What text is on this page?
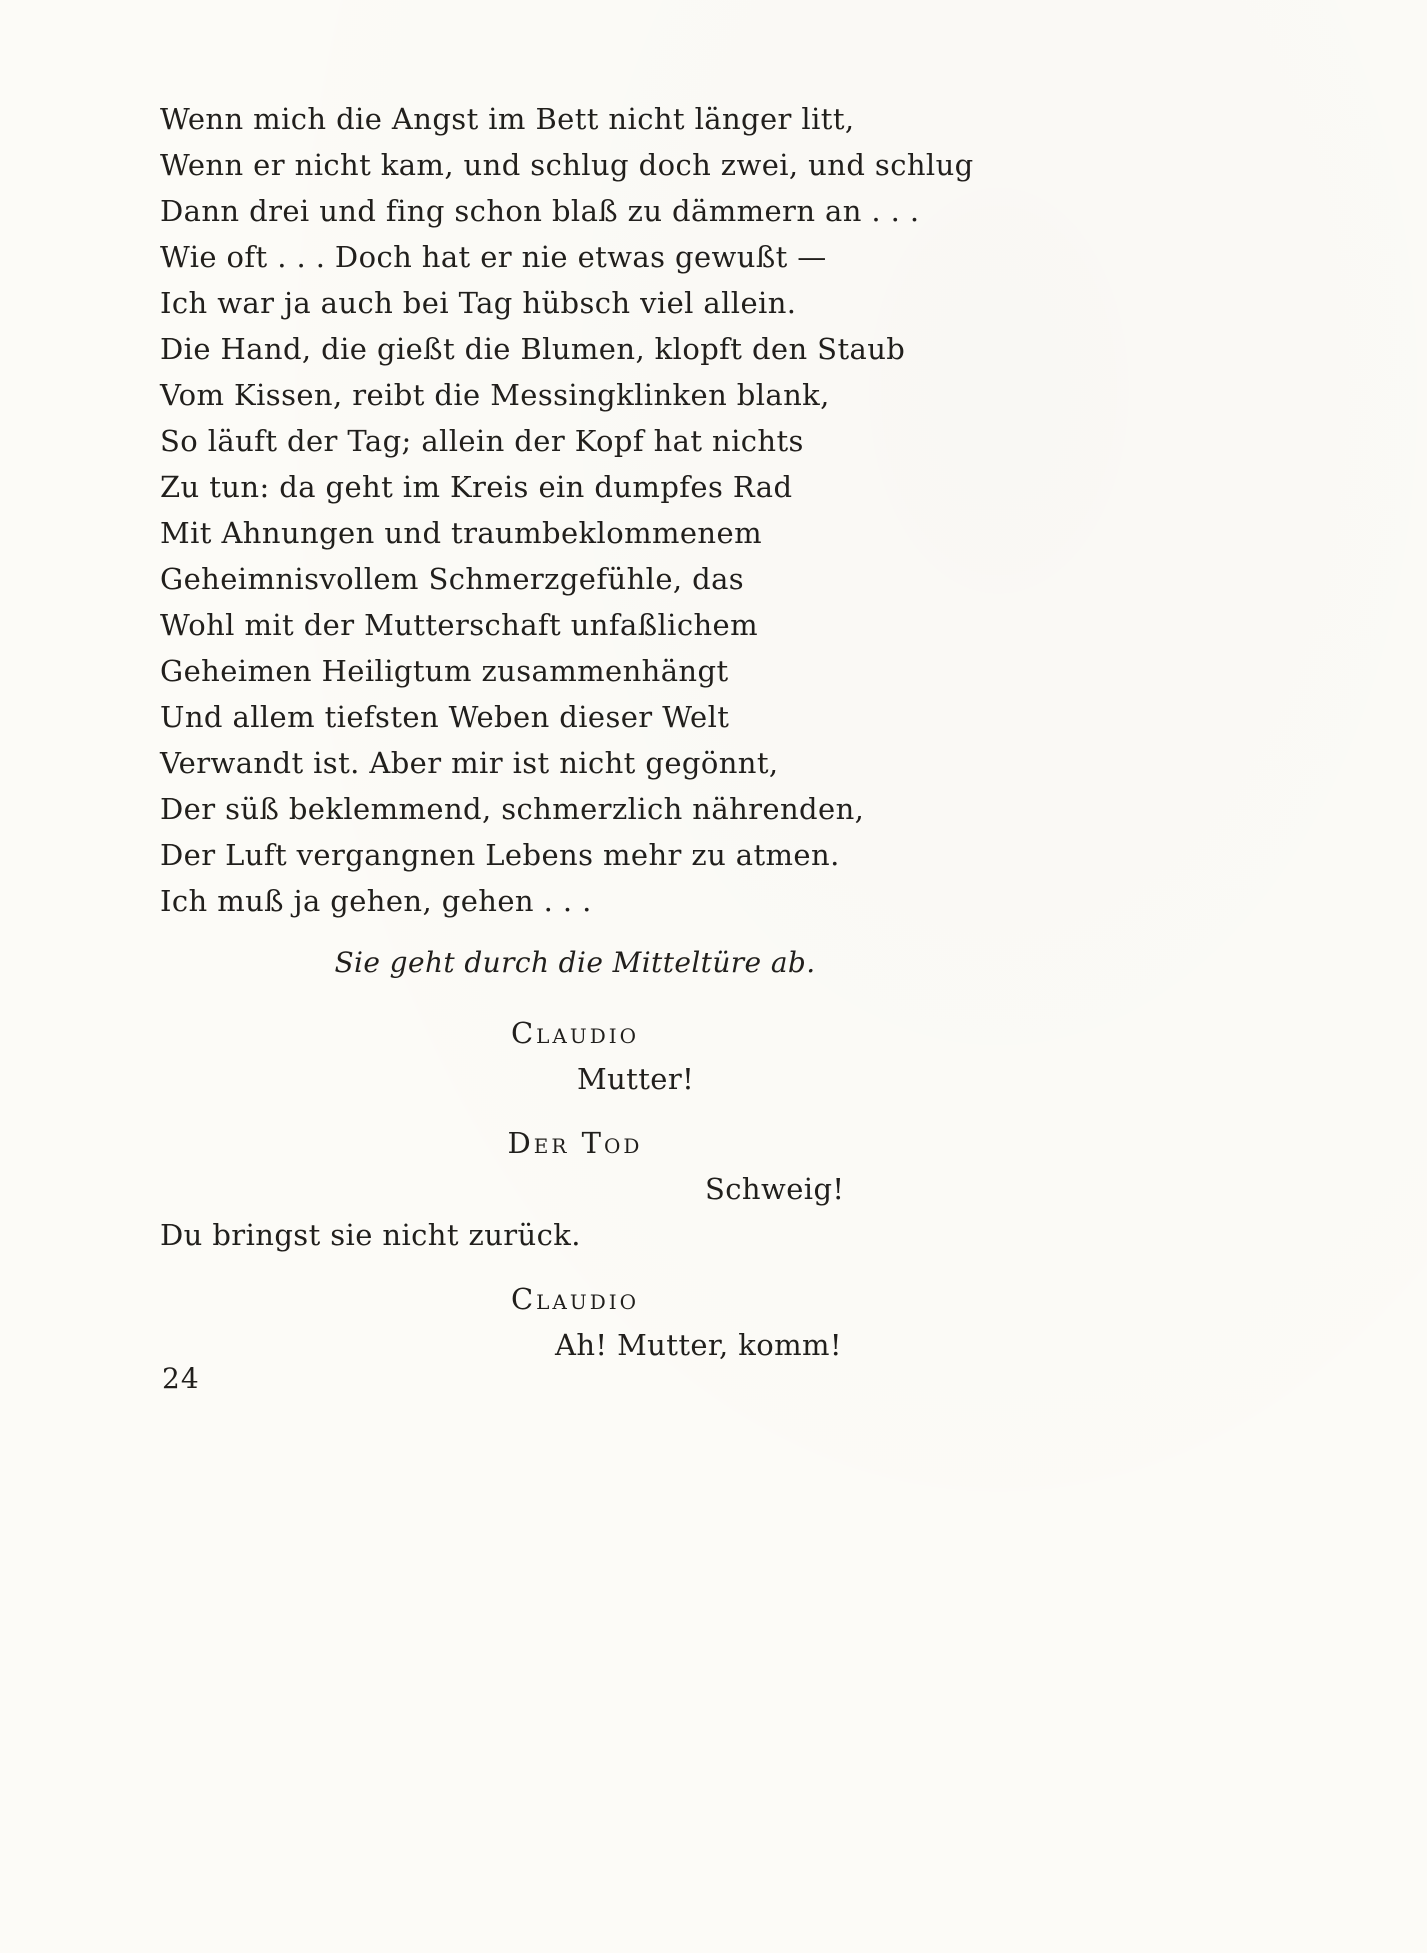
Wenn mich die Angst im Bett nicht länger litt,
Wenn er nicht kam, und schlug doch zwei, und schlug
Dann drei und fing schon blaß zu dämmern an . . .
Wie oft . . . Doch hat er nie etwas gewußt —
Ich war ja auch bei Tag hübsch viel allein.
Die Hand, die gießt die Blumen, klopft den Staub
Vom Kissen, reibt die Messingklinken blank,
So läuft der Tag; allein der Kopf hat nichts
Zu tun: da geht im Kreis ein dumpfes Rad
Mit Ahnungen und traumbeklommenem
Geheimnisvollem Schmerzgefühle, das
Wohl mit der Mutterschaft unfaßlichem
Geheimen Heiligtum zusammenhängt
Und allem tiefsten Weben dieser Welt
Verwandt ist. Aber mir ist nicht gegönnt,
Der süß beklemmend, schmerzlich nährenden,
Der Luft vergangnen Lebens mehr zu atmen.
Ich muß ja gehen, gehen . . .
Sie geht durch die Mitteltüre ab.
Claudio
Mutter!
Der Tod
Schweig!
Du bringst sie nicht zurück.
Claudio
Ah! Mutter, komm!
24
